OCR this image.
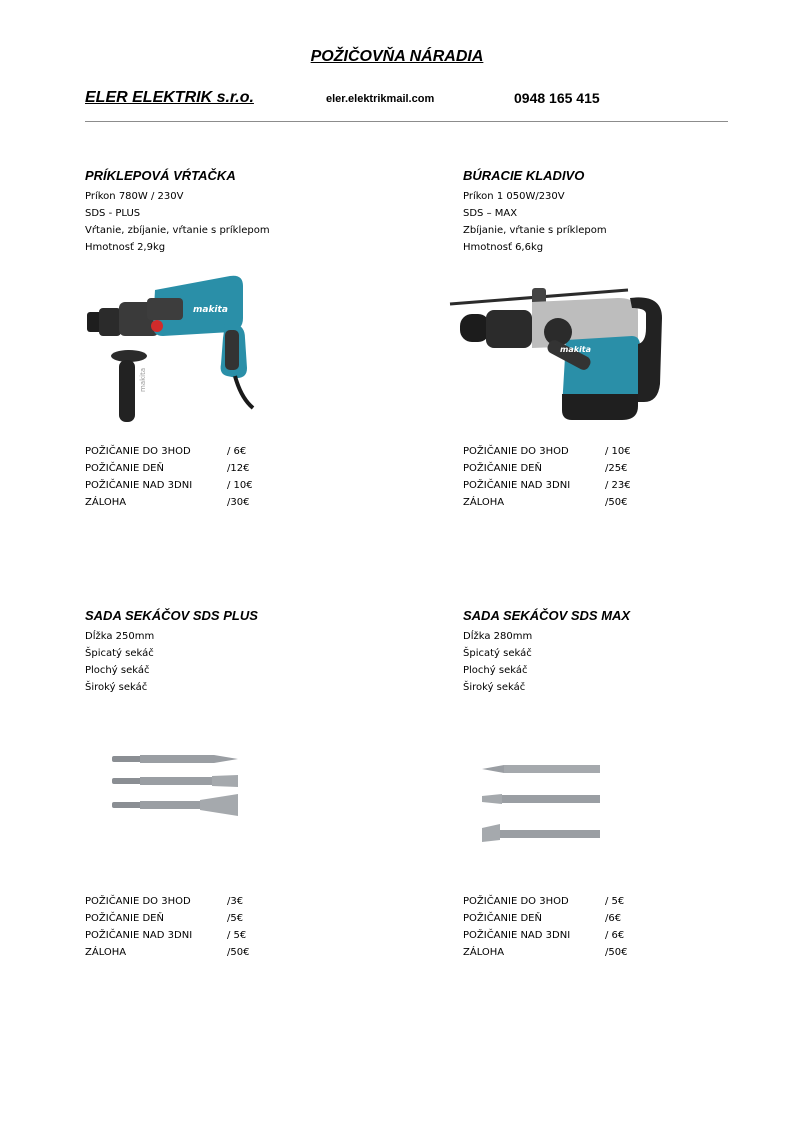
POŽIČOVŇA NÁRADIA
ELER ELEKTRIK s.r.o.	eler.elektrikmail.com	0948 165 415
PRÍKLEPOVÁ VŔTAČKA
Príkon 780W / 230V
SDS - PLUS
Vŕtanie, zbíjanie, vŕtanie s príklepom
Hmotnosť 2,9kg
makita
makita
POŽIČANIE DO 3HOD	/ 6€
POŽIČANIE DEŇ	/12€
POŽIČANIE NAD 3DNI	/ 10€
ZÁLOHA	/30€
BÚRACIE KLADIVO
Príkon 1 050W/230V
SDS – MAX
Zbíjanie, vŕtanie s príklepom
Hmotnosť 6,6kg
makita
POŽIČANIE DO 3HOD	/ 10€
POŽIČANIE DEŇ	/25€
POŽIČANIE NAD 3DNI	/ 23€
ZÁLOHA	/50€
SADA SEKÁČOV SDS PLUS
Dĺžka 250mm
Špicatý sekáč
Plochý sekáč
Široký sekáč
POŽIČANIE DO 3HOD	/3€
POŽIČANIE DEŇ	/5€
POŽIČANIE NAD 3DNI	/ 5€
ZÁLOHA	/50€
SADA SEKÁČOV SDS MAX
Dĺžka 280mm
Špicatý sekáč
Plochý sekáč
Široký sekáč
POŽIČANIE DO 3HOD	/ 5€
POŽIČANIE DEŇ	/6€
POŽIČANIE NAD 3DNI	/ 6€
ZÁLOHA	/50€
